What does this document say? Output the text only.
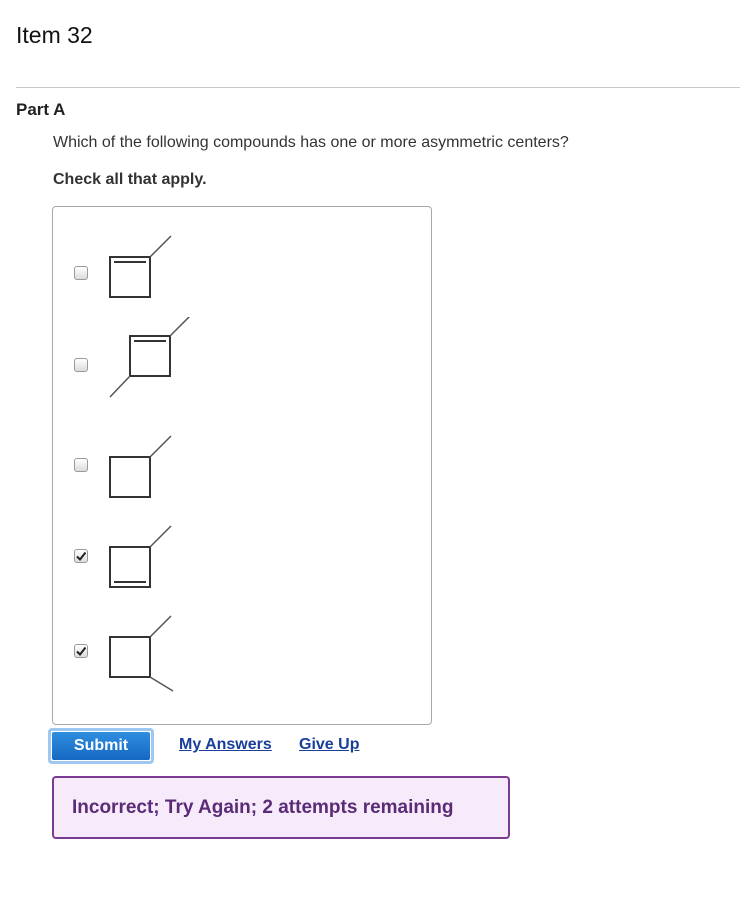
Item 32
Part A
Which of the following compounds has one or more asymmetric centers?
Check all that apply.
Submit	My Answers Give Up
Incorrect; Try Again; 2 attempts remaining
